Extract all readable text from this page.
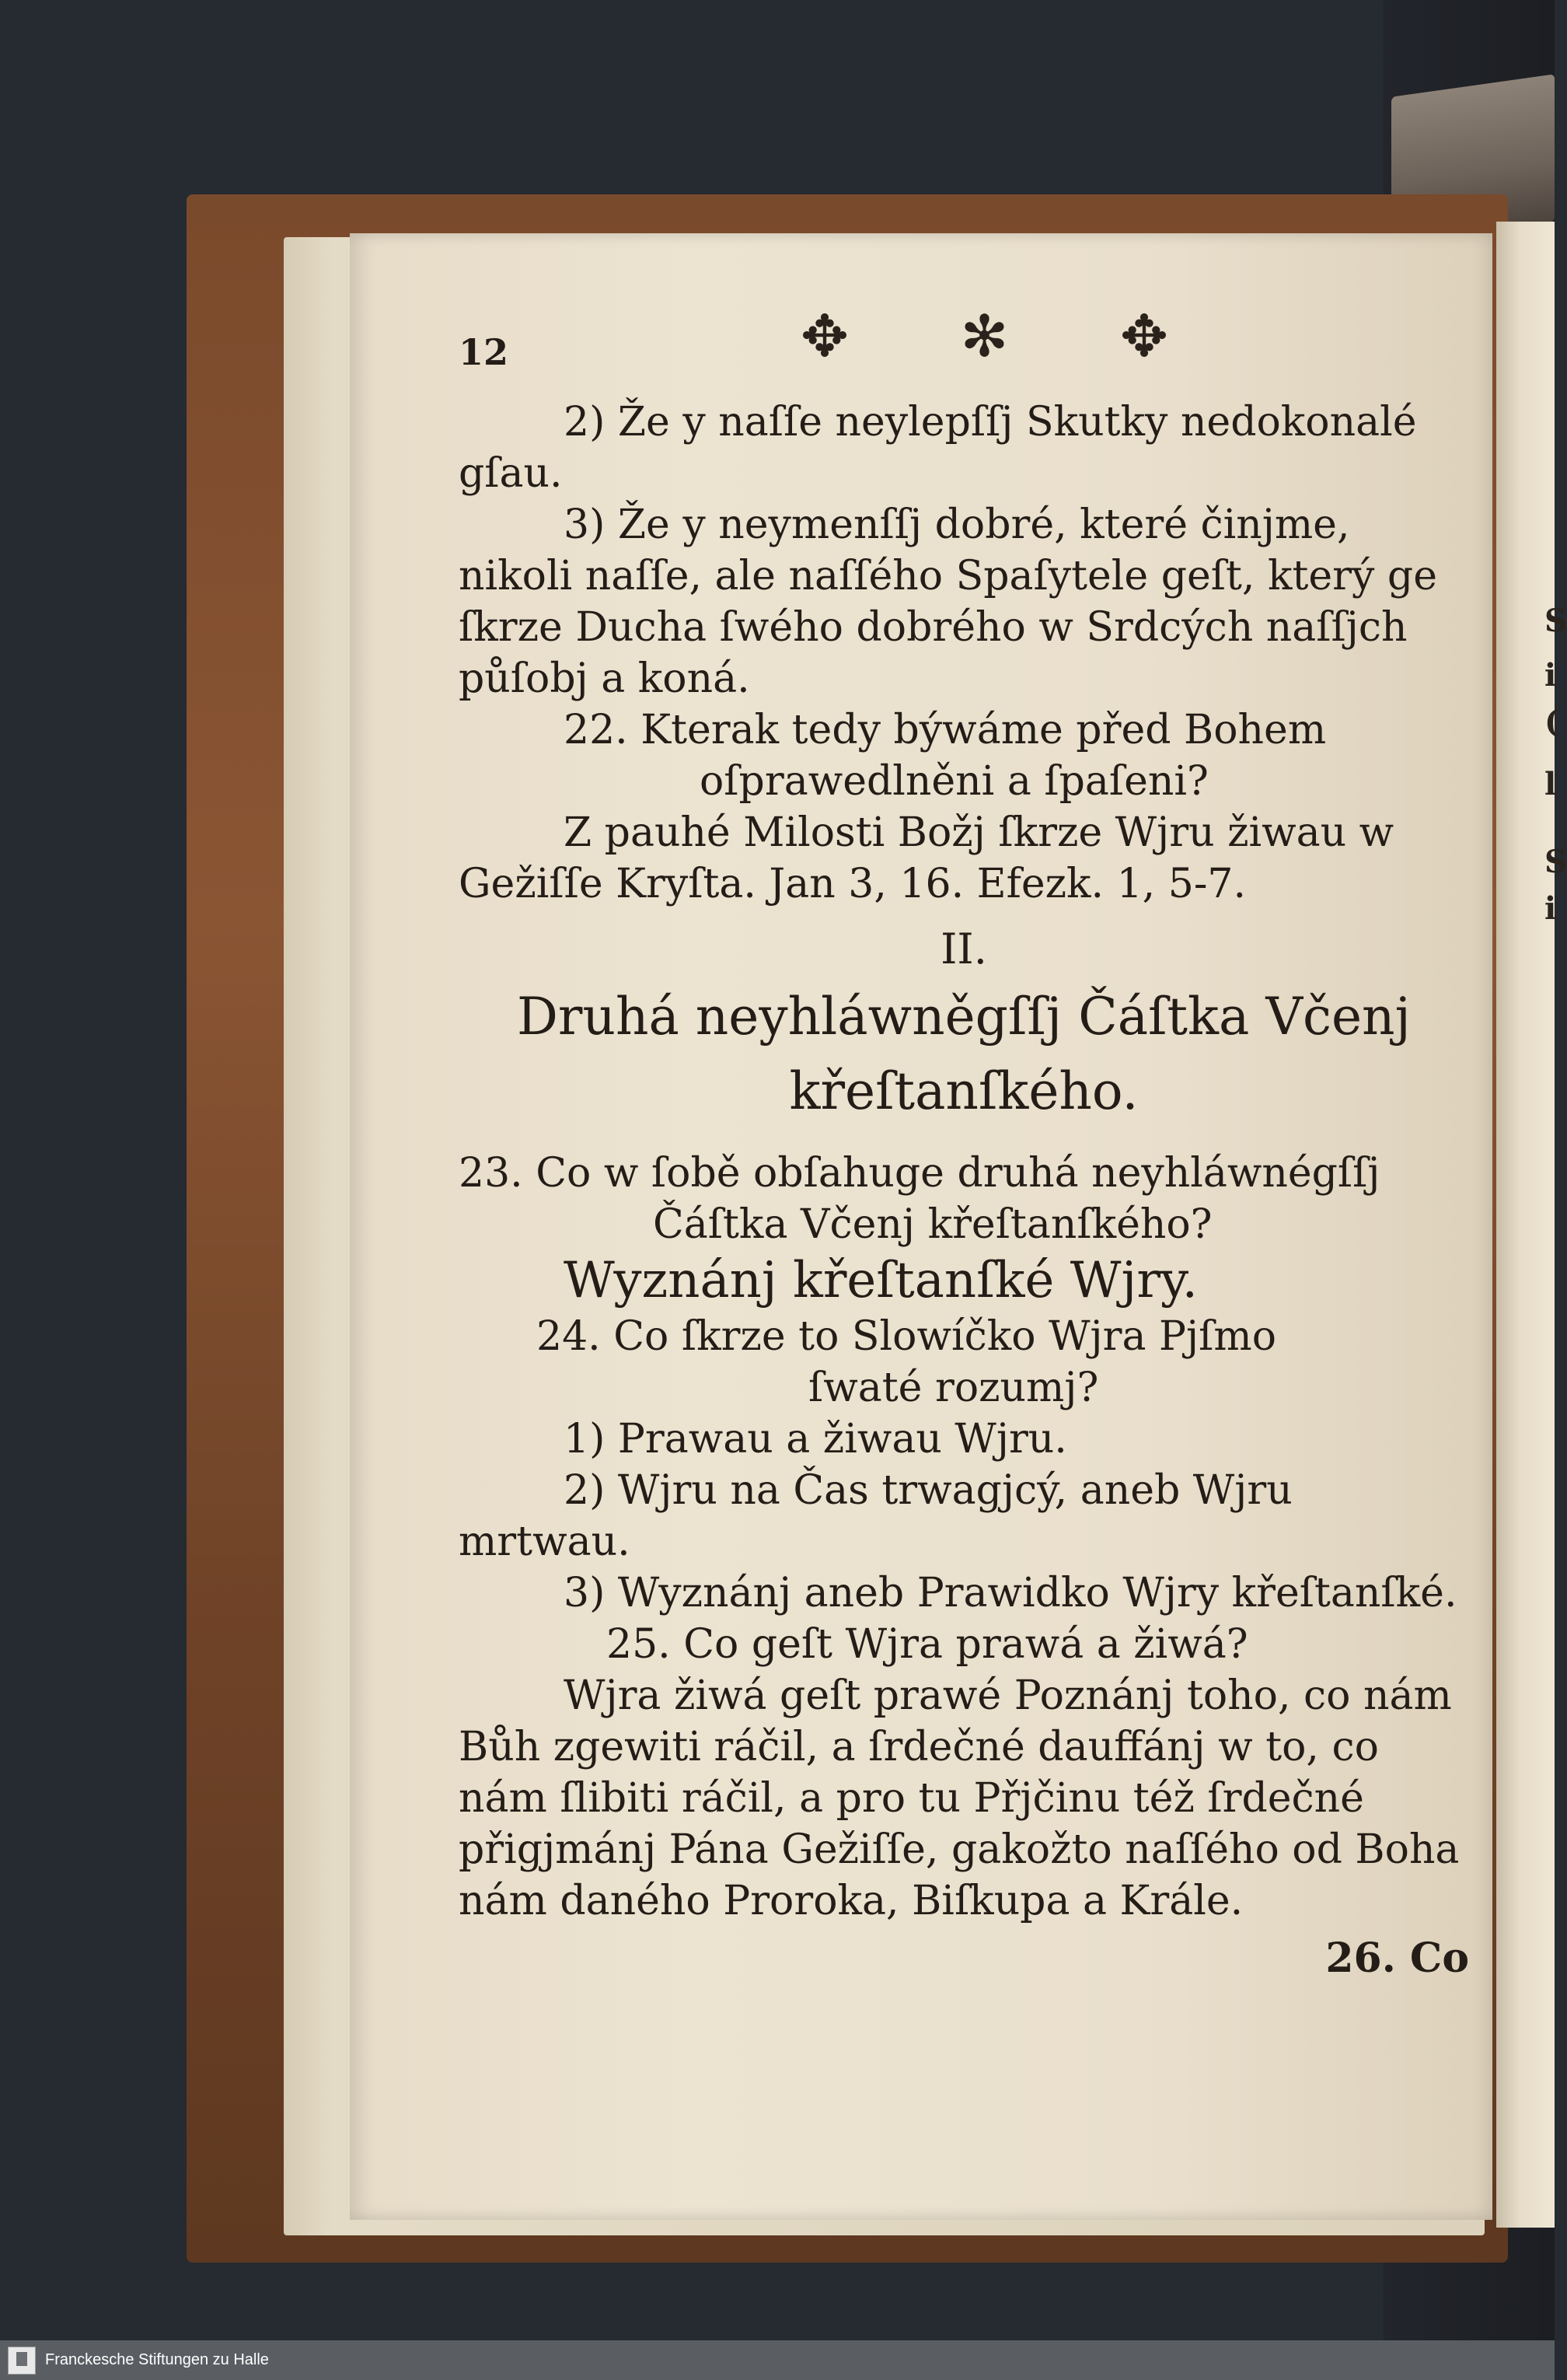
S
i
(
l
S
i
12	✥ ✻ ✥

2) Že y naſſe neylepſſj Skutky nedokonalé gſau.

3) Že y neymenſſj dobré, které činjme, nikoli naſſe, ale naſſého Spaſytele geſt, který ge ſkrze Ducha ſwého dobrého w Srdcých naſſjch půſobj a koná.

22. Kterak tedy býwáme před Bohem

oſprawedlněni a ſpaſeni?

Z pauhé Milosti Božj ſkrze Wjru žiwau w Gežiſſe Kryſta. Jan 3, 16. Efezk. 1, 5-7.

II.

Druhá neyhláwněgſſj Čáſtka Včenj
křeſtanſkého.

23. Co w ſobě obſahuge druhá neyhláwnégſſj

Čáſtka Včenj křeſtanſkého?

Wyznánj křeſtanſké Wjry.

24. Co ſkrze to Slowíčko Wjra Pjſmo

ſwaté rozumj?

1) Prawau a žiwau Wjru.

2) Wjru na Čas trwagjcý, aneb Wjru mrtwau.

3) Wyznánj aneb Prawidko Wjry křeſtanſké.

25. Co geſt Wjra prawá a žiwá?

Wjra žiwá geſt prawé Poznánj toho, co nám Bůh zgewiti ráčil, a ſrdečné dauffánj w to, co nám ſlibiti ráčil, a pro tu Přjčinu též ſrdečné přigjmánj Pána Gežiſſe, gakožto naſſého od Boha nám daného Proroka, Biſkupa a Krále.

26. Co

Franckesche Stiftungen zu Halle
